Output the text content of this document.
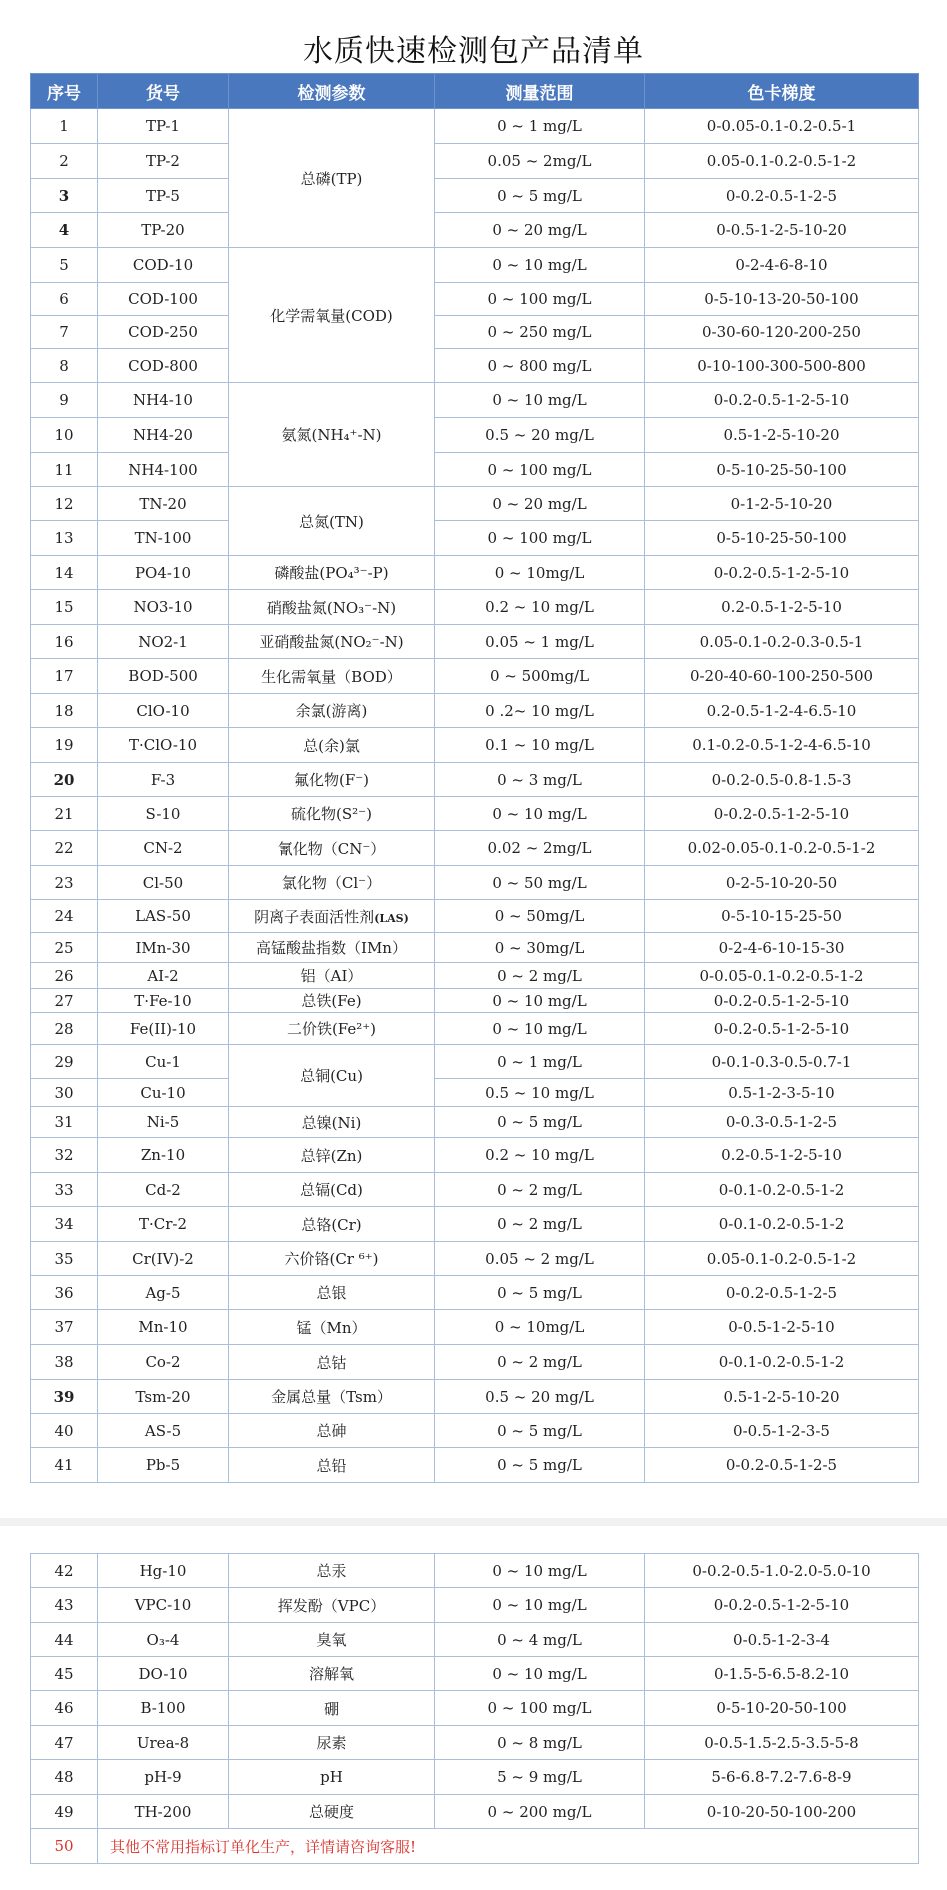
水质快速检测包产品清单
序号	货号	检测参数	测量范围	色卡梯度
1	TP-1	总磷(TP)	0 ~ 1 mg/L	0-0.05-0.1-0.2-0.5-1
2	TP-2		0.05 ~ 2mg/L	0.05-0.1-0.2-0.5-1-2
3	TP-5		0 ~ 5 mg/L	0-0.2-0.5-1-2-5
4	TP-20		0 ~ 20 mg/L	0-0.5-1-2-5-10-20
5	COD-10	化学需氧量(COD)	0 ~ 10 mg/L	0-2-4-6-8-10
6	COD-100		0 ~ 100 mg/L	0-5-10-13-20-50-100
7	COD-250		0 ~ 250 mg/L	0-30-60-120-200-250
8	COD-800		0 ~ 800 mg/L	0-10-100-300-500-800
9	NH4-10	氨氮(NH₄⁺-N)	0 ~ 10 mg/L	0-0.2-0.5-1-2-5-10
10	NH4-20		0.5 ~ 20 mg/L	0.5-1-2-5-10-20
11	NH4-100		0 ~ 100 mg/L	0-5-10-25-50-100
12	TN-20	总氮(TN)	0 ~ 20 mg/L	0-1-2-5-10-20
13	TN-100		0 ~ 100 mg/L	0-5-10-25-50-100
14	PO4-10	磷酸盐(PO₄³⁻-P)	0 ~ 10mg/L	0-0.2-0.5-1-2-5-10
15	NO3-10	硝酸盐氮(NO₃⁻-N)	0.2 ~ 10 mg/L	0.2-0.5-1-2-5-10
16	NO2-1	亚硝酸盐氮(NO₂⁻-N)	0.05 ~ 1 mg/L	0.05-0.1-0.2-0.3-0.5-1
17	BOD-500	生化需氧量（BOD）	0 ~ 500mg/L	0-20-40-60-100-250-500
18	ClO-10	余氯(游离)	0 .2~ 10 mg/L	0.2-0.5-1-2-4-6.5-10
19	T·ClO-10	总(余)氯	0.1 ~ 10 mg/L	0.1-0.2-0.5-1-2-4-6.5-10
20	F-3	氟化物(F⁻)	0 ~ 3 mg/L	0-0.2-0.5-0.8-1.5-3
21	S-10	硫化物(S²⁻)	0 ~ 10 mg/L	0-0.2-0.5-1-2-5-10
22	CN-2	氰化物（CN⁻）	0.02 ~ 2mg/L	0.02-0.05-0.1-0.2-0.5-1-2
23	Cl-50	氯化物（Cl⁻）	0 ~ 50 mg/L	0-2-5-10-20-50
24	LAS-50	阴离子表面活性剂(LAS)	0 ~ 50mg/L	0-5-10-15-25-50
25	IMn-30	高锰酸盐指数（IMn）	0 ~ 30mg/L	0-2-4-6-10-15-30
26	AI-2	铝（AI）	0 ~ 2 mg/L	0-0.05-0.1-0.2-0.5-1-2
27	T·Fe-10	总铁(Fe)	0 ~ 10 mg/L	0-0.2-0.5-1-2-5-10
28	Fe(II)-10	二价铁(Fe²⁺)	0 ~ 10 mg/L	0-0.2-0.5-1-2-5-10
29	Cu-1	总铜(Cu)	0 ~ 1 mg/L	0-0.1-0.3-0.5-0.7-1
30	Cu-10		0.5 ~ 10 mg/L	0.5-1-2-3-5-10
31	Ni-5	总镍(Ni)	0 ~ 5 mg/L	0-0.3-0.5-1-2-5
32	Zn-10	总锌(Zn)	0.2 ~ 10 mg/L	0.2-0.5-1-2-5-10
33	Cd-2	总镉(Cd)	0 ~ 2 mg/L	0-0.1-0.2-0.5-1-2
34	T·Cr-2	总铬(Cr)	0 ~ 2 mg/L	0-0.1-0.2-0.5-1-2
35	Cr(IV)-2	六价铬(Cr ⁶⁺)	0.05 ~ 2 mg/L	0.05-0.1-0.2-0.5-1-2
36	Ag-5	总银	0 ~ 5 mg/L	0-0.2-0.5-1-2-5
37	Mn-10	锰（Mn）	0 ~ 10mg/L	0-0.5-1-2-5-10
38	Co-2	总钴	0 ~ 2 mg/L	0-0.1-0.2-0.5-1-2
39	Tsm-20	金属总量（Tsm）	0.5 ~ 20 mg/L	0.5-1-2-5-10-20
40	AS-5	总砷	0 ~ 5 mg/L	0-0.5-1-2-3-5
41	Pb-5	总铅	0 ~ 5 mg/L	0-0.2-0.5-1-2-5
42	Hg-10	总汞	0 ~ 10 mg/L	0-0.2-0.5-1.0-2.0-5.0-10
43	VPC-10	挥发酚（VPC）	0 ~ 10 mg/L	0-0.2-0.5-1-2-5-10
44	O₃-4	臭氧	0 ~ 4 mg/L	0-0.5-1-2-3-4
45	DO-10	溶解氧	0 ~ 10 mg/L	0-1.5-5-6.5-8.2-10
46	B-100	硼	0 ~ 100 mg/L	0-5-10-20-50-100
47	Urea-8	尿素	0 ~ 8 mg/L	0-0.5-1.5-2.5-3.5-5-8
48	pH-9	pH	5 ~ 9 mg/L	5-6-6.8-7.2-7.6-8-9
49	TH-200	总硬度	0 ~ 200 mg/L	0-10-20-50-100-200
50	其他不常用指标订单化生产，详情请咨询客服!			
